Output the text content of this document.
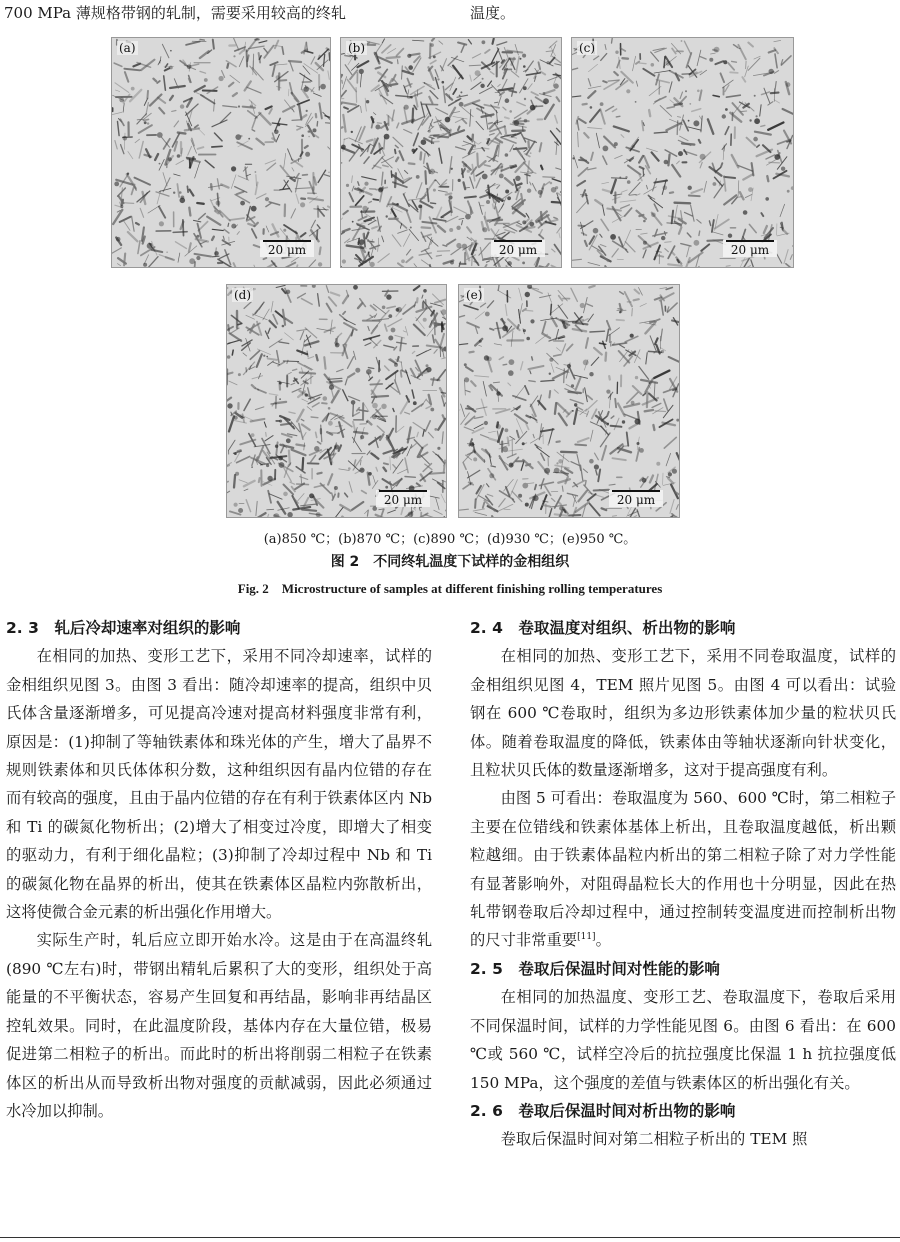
700 MPa 薄规格带钢的轧制，需要采用较高的终轧	温度。
(a)
20 μm
(b)
20 μm
(c)
20 μm
(d)
20 μm
(e)
20 μm
(a)850 ℃；(b)870 ℃；(c)890 ℃；(d)930 ℃；(e)950 ℃。
图 2　不同终轧温度下试样的金相组织
Fig. 2　Microstructure of samples at different finishing rolling temperatures
2. 3　轧后冷却速率对组织的影响

在相同的加热、变形工艺下，采用不同冷却速率，试样的金相组织见图 3。由图 3 看出：随冷却速率的提高，组织中贝氏体含量逐渐增多，可见提高冷速对提高材料强度非常有利，原因是：(1)抑制了等轴铁素体和珠光体的产生，增大了晶界不规则铁素体和贝氏体体积分数，这种组织因有晶内位错的存在而有较高的强度，且由于晶内位错的存在有利于铁素体区内 Nb 和 Ti 的碳氮化物析出；(2)增大了相变过冷度，即增大了相变的驱动力，有利于细化晶粒；(3)抑制了冷却过程中 Nb 和 Ti 的碳氮化物在晶界的析出，使其在铁素体区晶粒内弥散析出，这将使微合金元素的析出强化作用增大。

实际生产时，轧后应立即开始水冷。这是由于在高温终轧(890 ℃左右)时，带钢出精轧后累积了大的变形，组织处于高能量的不平衡状态，容易产生回复和再结晶，影响非再结晶区控轧效果。同时，在此温度阶段，基体内存在大量位错，极易促进第二相粒子的析出。而此时的析出将削弱二相粒子在铁素体区的析出从而导致析出物对强度的贡献减弱，因此必须通过水冷加以抑制。

2. 4　卷取温度对组织、析出物的影响

在相同的加热、变形工艺下，采用不同卷取温度，试样的金相组织见图 4，TEM 照片见图 5。由图 4 可以看出：试验钢在 600 ℃卷取时，组织为多边形铁素体加少量的粒状贝氏体。随着卷取温度的降低，铁素体由等轴状逐渐向针状变化，且粒状贝氏体的数量逐渐增多，这对于提高强度有利。

由图 5 可看出：卷取温度为 560、600 ℃时，第二相粒子主要在位错线和铁素体基体上析出，且卷取温度越低，析出颗粒越细。由于铁素体晶粒内析出的第二相粒子除了对力学性能有显著影响外，对阻碍晶粒长大的作用也十分明显，因此在热轧带钢卷取后冷却过程中，通过控制转变温度进而控制析出物的尺寸非常重要[11]。

2. 5　卷取后保温时间对性能的影响

在相同的加热温度、变形工艺、卷取温度下，卷取后采用不同保温时间，试样的力学性能见图 6。由图 6 看出：在 600 ℃或 560 ℃，试样空冷后的抗拉强度比保温 1 h 抗拉强度低 150 MPa，这个强度的差值与铁素体区的析出强化有关。

2. 6　卷取后保温时间对析出物的影响

卷取后保温时间对第二相粒子析出的 TEM 照
